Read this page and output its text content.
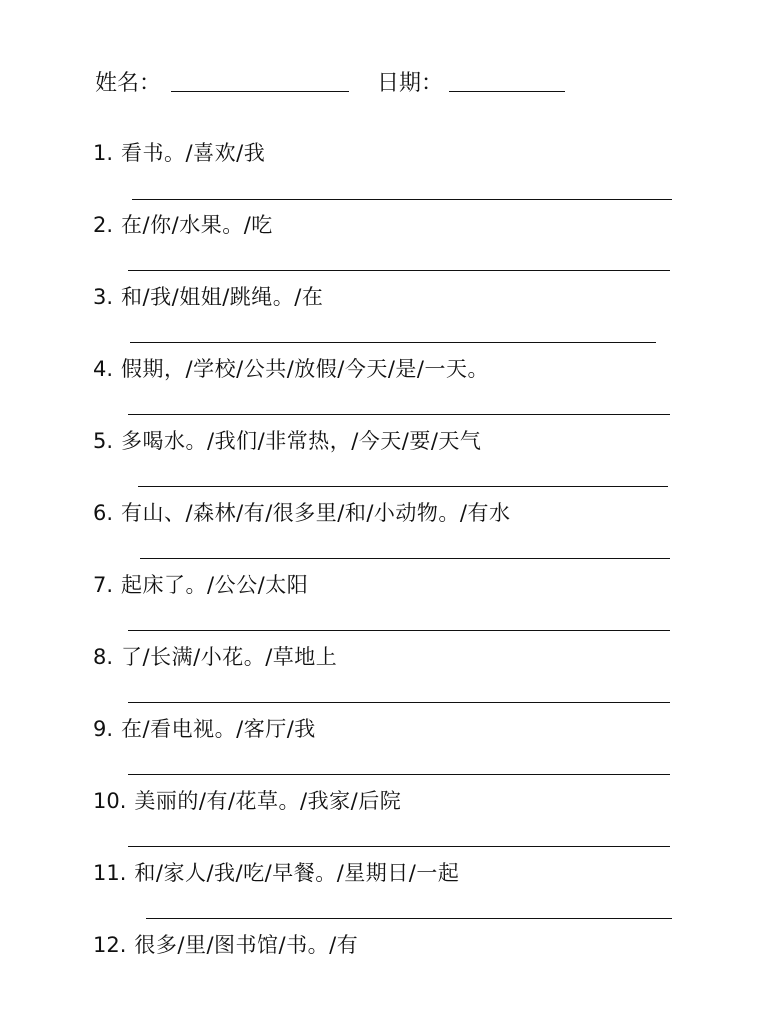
姓名：	日期：
1. 看书。/喜欢/我
2. 在/你/水果。/吃
3. 和/我/姐姐/跳绳。/在
4. 假期，/学校/公共/放假/今天/是/一天。
5. 多喝水。/我们/非常热，/今天/要/天气
6. 有山、/森林/有/很多里/和/小动物。/有水
7. 起床了。/公公/太阳
8. 了/长满/小花。/草地上
9. 在/看电视。/客厅/我
10. 美丽的/有/花草。/我家/后院
11. 和/家人/我/吃/早餐。/星期日/一起
12. 很多/里/图书馆/书。/有
